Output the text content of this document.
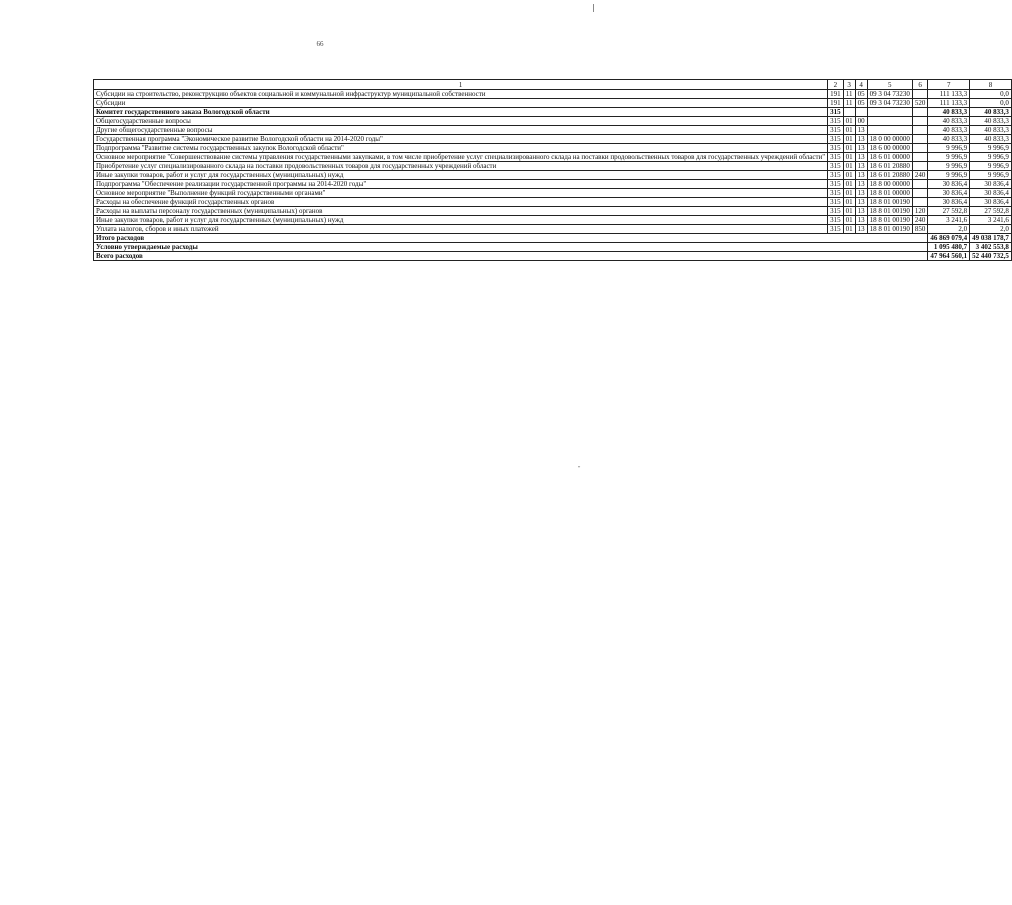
66
1	2	3	4	5	6	7	8
Субсидии на строительство, реконструкцию объектов социальной и коммунальной инфраструктур муниципальной собственности	191	11	05	09 3 04 73230		111 133,3	0,0
Субсидии	191	11	05	09 3 04 73230	520	111 133,3	0,0
Комитет государственного заказа Вологодской области	315					40 833,3	40 833,3
Общегосударственные вопросы	315	01	00			40 833,3	40 833,3
Другие общегосударственные вопросы	315	01	13			40 833,3	40 833,3
Государственная программа "Экономическое развитие Вологодской области на 2014-2020 годы"	315	01	13	18 0 00 00000		40 833,3	40 833,3
Подпрограмма "Развитие системы государственных закупок Вологодской области"	315	01	13	18 6 00 00000		9 996,9	9 996,9
Основное мероприятие "Совершенствование системы управления государственными закупками, в том числе приобретение услуг специализированного склада на поставки продовольственных товаров для государственных учреждений области"	315	01	13	18 6 01 00000		9 996,9	9 996,9
Приобретение услуг специализированного склада на поставки продовольственных товаров для государственных учреждений области	315	01	13	18 6 01 20880		9 996,9	9 996,9
Иные закупки товаров, работ и услуг для государственных (муниципальных) нужд	315	01	13	18 6 01 20880	240	9 996,9	9 996,9
Подпрограмма "Обеспечение реализации государственной программы на 2014-2020 годы"	315	01	13	18 8 00 00000		30 836,4	30 836,4
Основное мероприятие "Выполнение функций государственными органами"	315	01	13	18 8 01 00000		30 836,4	30 836,4
Расходы на обеспечение функций государственных органов	315	01	13	18 8 01 00190		30 836,4	30 836,4
Расходы на выплаты персоналу государственных (муниципальных) органов	315	01	13	18 8 01 00190	120	27 592,8	27 592,8
Иные закупки товаров, работ и услуг для государственных (муниципальных) нужд	315	01	13	18 8 01 00190	240	3 241,6	3 241,6
Уплата налогов, сборов и иных платежей	315	01	13	18 8 01 00190	850	2,0	2,0
Итого расходов						46 869 079,4	49 038 178,7
Условно утверждаемые расходы						1 095 480,7	3 402 553,8
Всего расходов						47 964 560,1	52 440 732,5
"
